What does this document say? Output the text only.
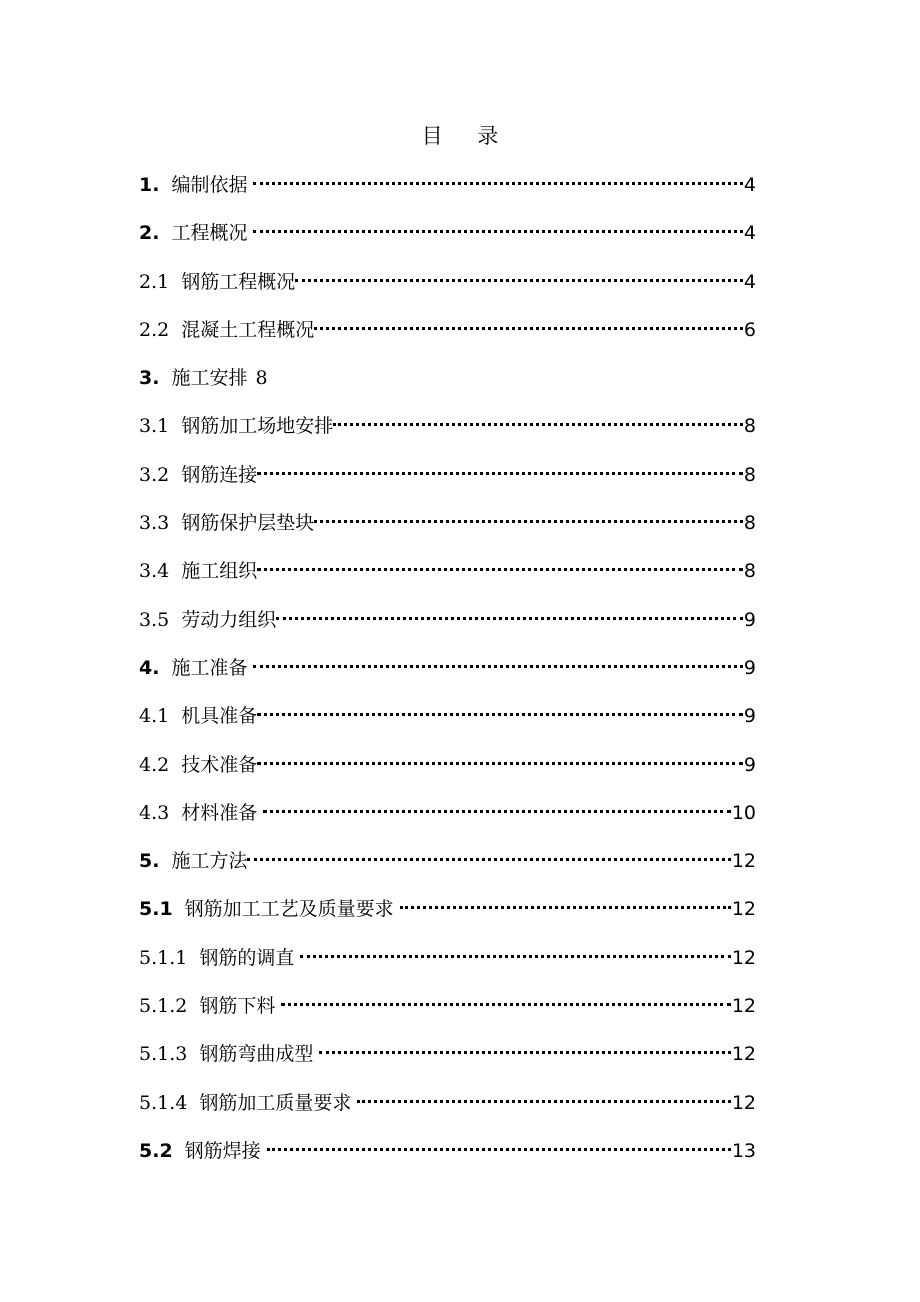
目 录
1. 编制依据	4
2. 工程概况	4
2.1 钢筋工程概况	4
2.2 混凝土工程概况	6
3. 施工安排 8
3.1 钢筋加工场地安排	8
3.2 钢筋连接	8
3.3 钢筋保护层垫块	8
3.4 施工组织	8
3.5 劳动力组织	9
4. 施工准备	9
4.1 机具准备	9
4.2 技术准备	9
4.3 材料准备	10
5. 施工方法	12
5.1 钢筋加工工艺及质量要求	12
5.1.1 钢筋的调直	12
5.1.2 钢筋下料	12
5.1.3 钢筋弯曲成型	12
5.1.4 钢筋加工质量要求	12
5.2 钢筋焊接	13
